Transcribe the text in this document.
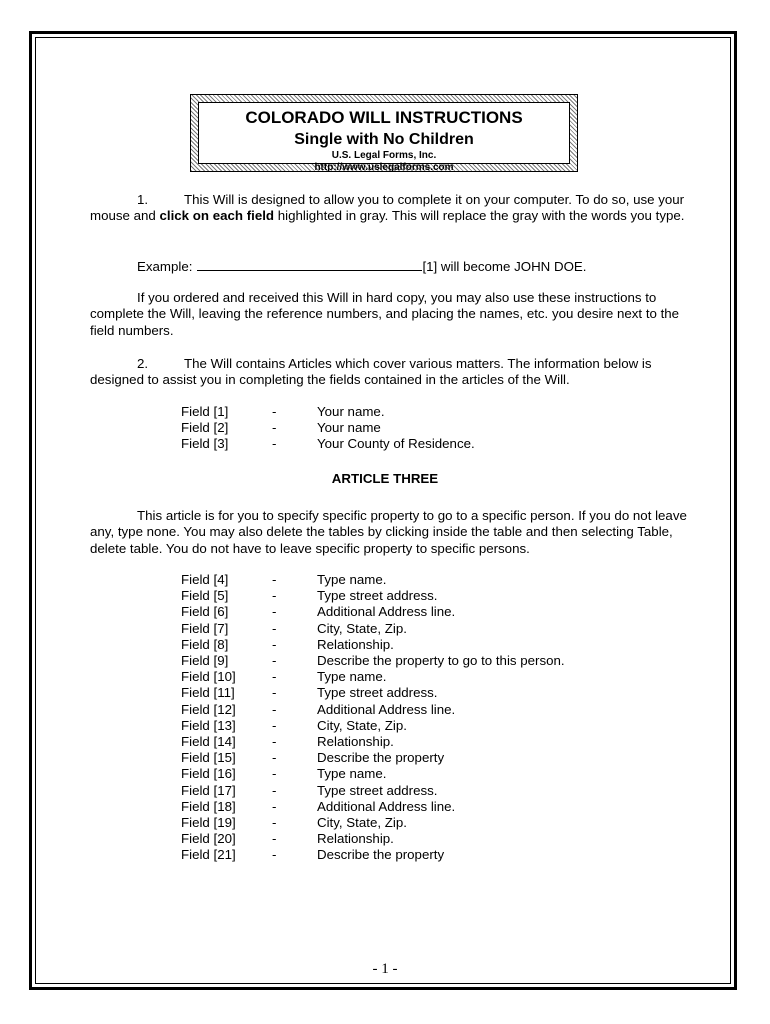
COLORADO WILL INSTRUCTIONS
Single with No Children
U.S. Legal Forms, Inc.
http://www.uslegalforms.com
1.	This Will is designed to allow you to complete it on your computer. To do so, use your mouse and click on each field highlighted in gray. This will replace the gray with the words you type.
Example:	[1] will become JOHN DOE.
If you ordered and received this Will in hard copy, you may also use these instructions to complete the Will, leaving the reference numbers, and placing the names, etc. you desire next to the field numbers.
2.	The Will contains Articles which cover various matters. The information below is designed to assist you in completing the fields contained in the articles of the Will.
Field [1]	-	Your name.
Field [2]	-	Your name
Field [3]	-	Your County of Residence.
ARTICLE THREE
This article is for you to specify specific property to go to a specific person. If you do not leave any, type none. You may also delete the tables by clicking inside the table and then selecting Table, delete table. You do not have to leave specific property to specific persons.
Field [4]	-	Type name.
Field [5]	-	Type street address.
Field [6]	-	Additional Address line.
Field [7]	-	City, State, Zip.
Field [8]	-	Relationship.
Field [9]	-	Describe the property to go to this person.
Field [10]	-	Type name.
Field [11]	-	Type street address.
Field [12]	-	Additional Address line.
Field [13]	-	City, State, Zip.
Field [14]	-	Relationship.
Field [15]	-	Describe the property
Field [16]	-	Type name.
Field [17]	-	Type street address.
Field [18]	-	Additional Address line.
Field [19]	-	City, State, Zip.
Field [20]	-	Relationship.
Field [21]	-	Describe the property
- 1 -
